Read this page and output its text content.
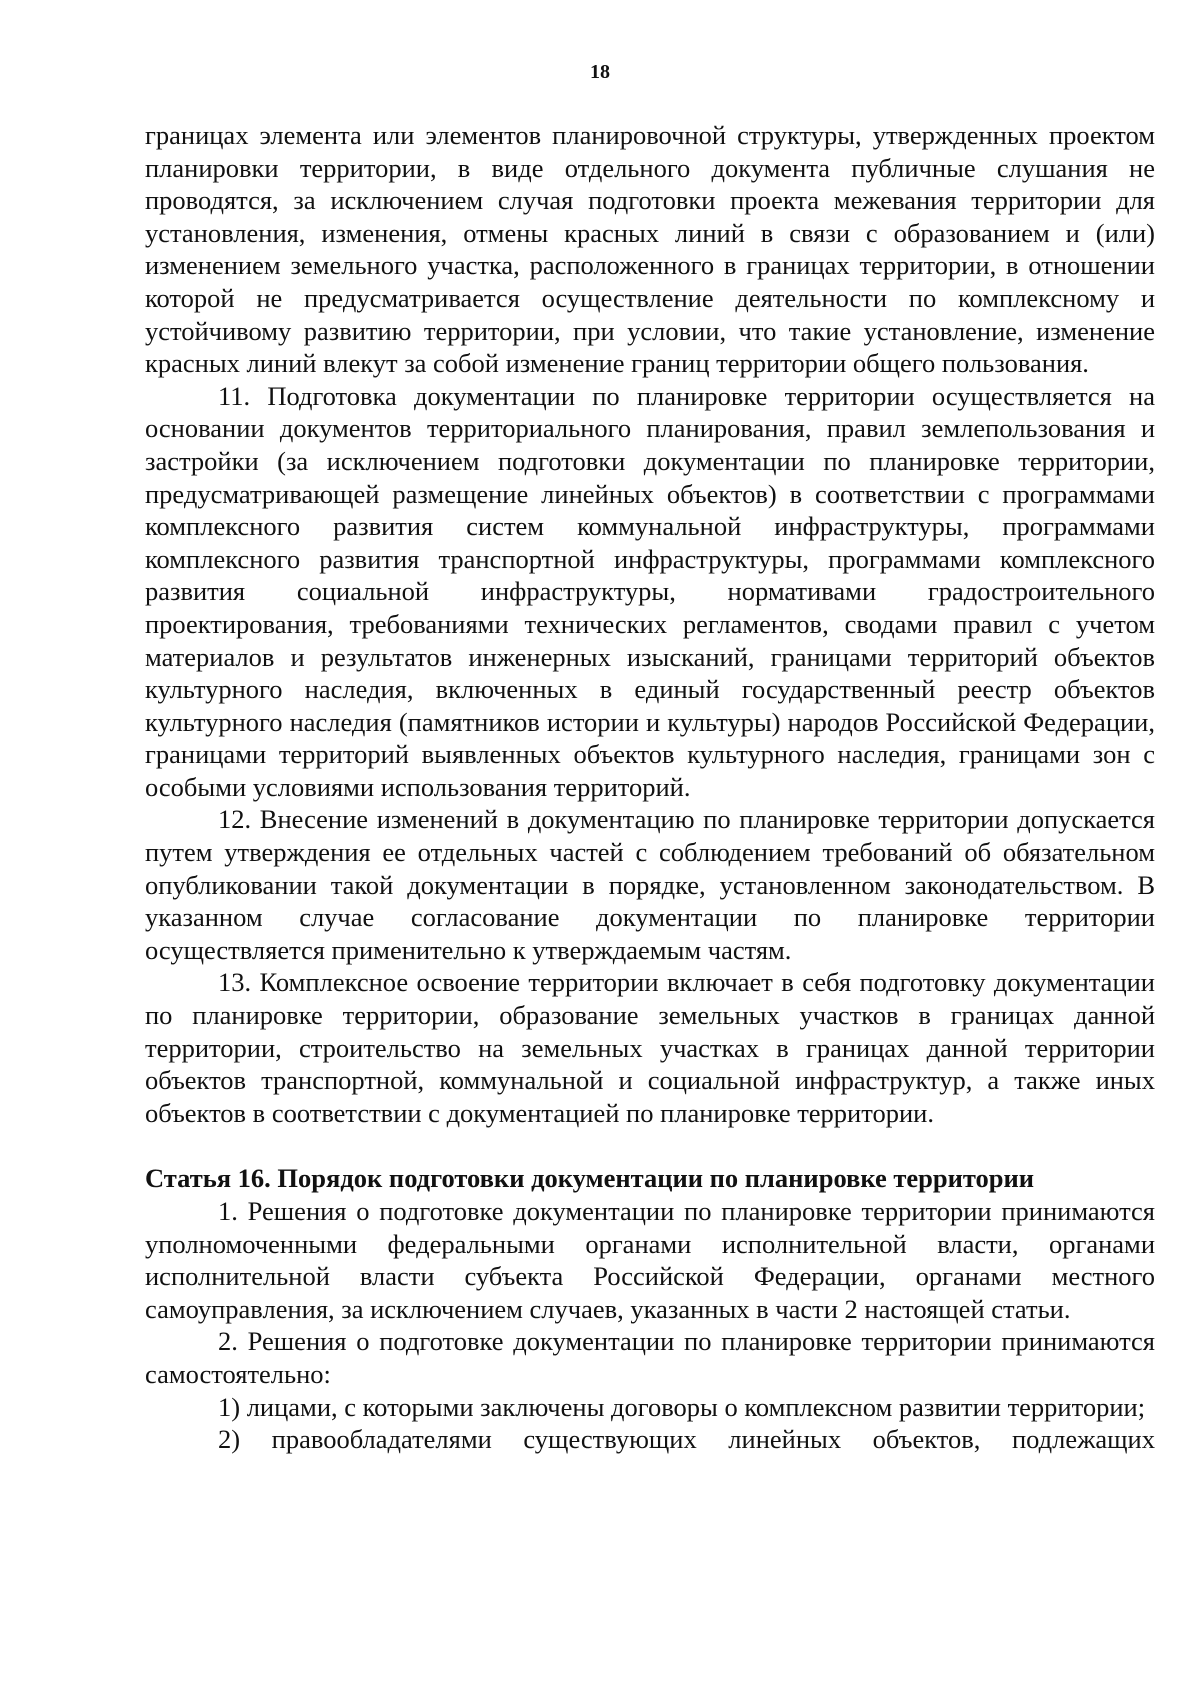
18

границах элемента или элементов планировочной структуры, утвержденных проектом планировки территории, в виде отдельного документа публичные слушания не проводятся, за исключением случая подготовки проекта межевания территории для установления, изменения, отмены красных линий в связи с образованием и (или) изменением земельного участка, расположенного в границах территории, в отношении которой не предусматривается осуществление деятельности по комплексному и устойчивому развитию территории, при условии, что такие установление, изменение красных линий влекут за собой изменение границ территории общего пользования.

11. Подготовка документации по планировке территории осуществляется на основании документов территориального планирования, правил землепользования и застройки (за исключением подготовки документации по планировке территории, предусматривающей размещение линейных объектов) в соответствии с программами комплексного развития систем коммунальной инфраструктуры, программами комплексного развития транспортной инфраструктуры, программами комплексного развития социальной инфраструктуры, нормативами градостроительного проектирования, требованиями технических регламентов, сводами правил с учетом материалов и результатов инженерных изысканий, границами территорий объектов культурного наследия, включенных в единый государственный реестр объектов культурного наследия (памятников истории и культуры) народов Российской Федерации, границами территорий выявленных объектов культурного наследия, границами зон с особыми условиями использования территорий.

12. Внесение изменений в документацию по планировке территории допускается путем утверждения ее отдельных частей с соблюдением требований об обязательном опубликовании такой документации в порядке, установленном законодательством. В указанном случае согласование документации по планировке территории осуществляется применительно к утверждаемым частям.

13. Комплексное освоение территории включает в себя подготовку документации по планировке территории, образование земельных участков в границах данной территории, строительство на земельных участках в границах данной территории объектов транспортной, коммунальной и социальной инфраструктур, а также иных объектов в соответствии с документацией по планировке территории.

Статья 16. Порядок подготовки документации по планировке территории

1. Решения о подготовке документации по планировке территории принимаются уполномоченными федеральными органами исполнительной власти, органами исполнительной власти субъекта Российской Федерации, органами местного самоуправления, за исключением случаев, указанных в части 2 настоящей статьи.

2. Решения о подготовке документации по планировке территории принимаются самостоятельно:

1) лицами, с которыми заключены договоры о комплексном развитии территории;

2) правообладателями существующих линейных объектов, подлежащих
